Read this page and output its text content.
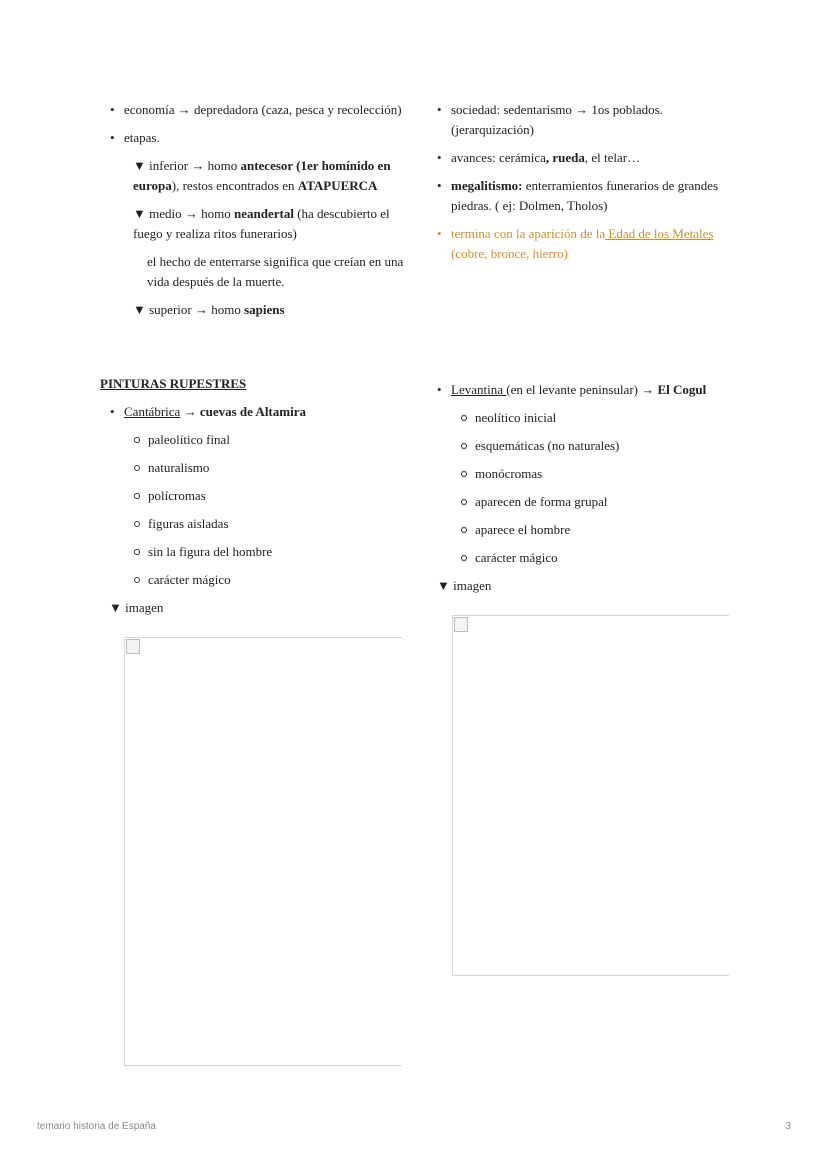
• economía → depredadora (caza, pesca y recolección)
• etapas.
▼ inferior → homo antecesor (1er homínido en europa), restos encontrados en ATAPUERCA
▼ medio → homo neandertal (ha descubierto el fuego y realiza ritos funerarios)
el hecho de enterrarse significa que creían en una vida después de la muerte.
▼ superior → homo sapiens
• sociedad: sedentarismo → 1os poblados. (jerarquización)
• avances: cerámica, rueda, el telar…
• megalitismo: enterramientos funerarios de grandes piedras. ( ej: Dolmen, Tholos)
• termina con la aparición de la Edad de los Metales (cobre, bronce, hierro)
PINTURAS RUPESTRES
• Cantábrica → cuevas de Altamira
paleolítico final
naturalismo
polícromas
figuras aisladas
sin la figura del hombre
carácter mágico
▼ imagen
• Levantina (en el levante peninsular) → El Cogul
neolítico inicial
esquemáticas (no naturales)
monócromas
aparecen de forma grupal
aparece el hombre
carácter mágico
▼ imagen
temario historia de España	3
